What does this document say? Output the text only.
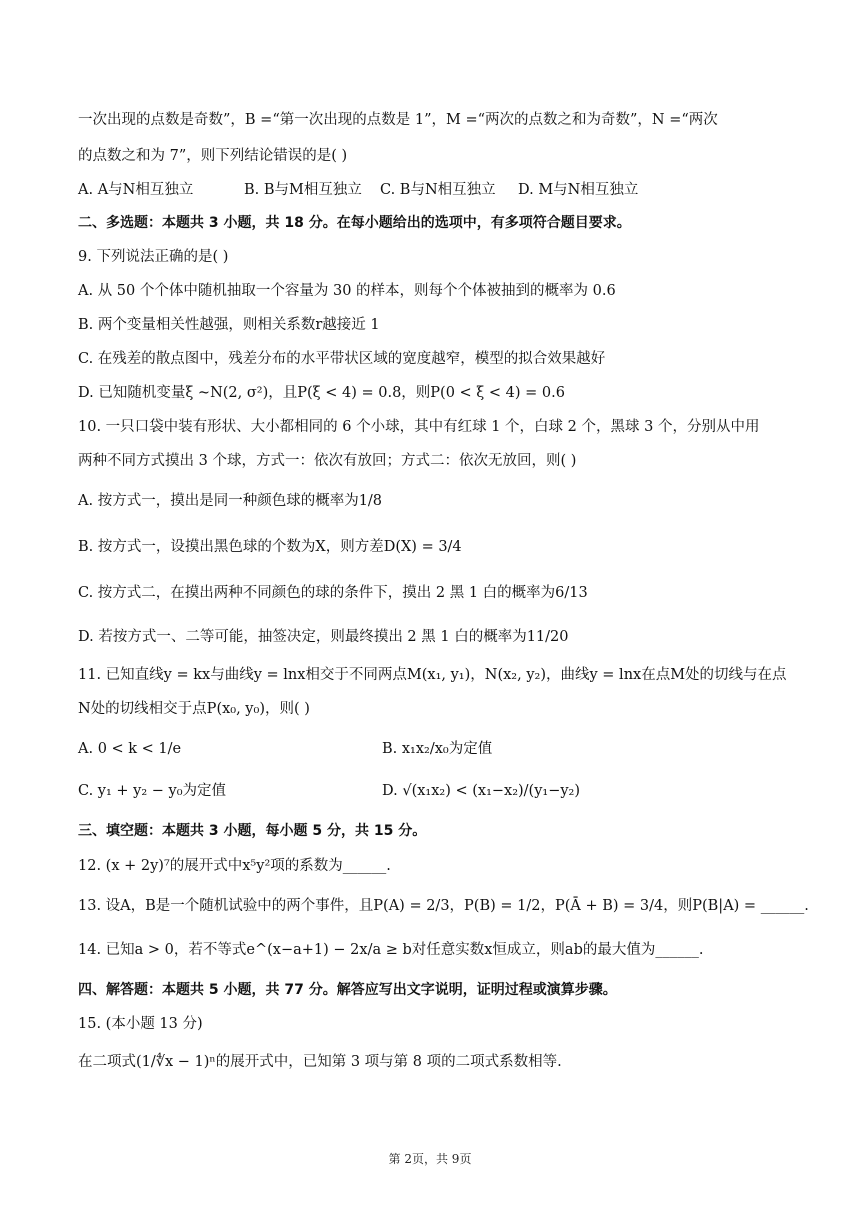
一次出现的点数是奇数”，B =“第一次出现的点数是 1”，M =“两次的点数之和为奇数”，N =“两次
的点数之和为 7”，则下列结论错误的是( )
A. A与N相互独立	B. B与M相互独立 C. B与N相互独立 D. M与N相互独立
二、多选题：本题共 3 小题，共 18 分。在每小题给出的选项中，有多项符合题目要求。
9. 下列说法正确的是( )
A. 从 50 个个体中随机抽取一个容量为 30 的样本，则每个个体被抽到的概率为 0.6
B. 两个变量相关性越强，则相关系数r越接近 1
C. 在残差的散点图中，残差分布的水平带状区域的宽度越窄，模型的拟合效果越好
D. 已知随机变量ξ ~N(2, σ²)，且P(ξ < 4) = 0.8，则P(0 < ξ < 4) = 0.6
10. 一只口袋中装有形状、大小都相同的 6 个小球，其中有红球 1 个，白球 2 个，黑球 3 个，分别从中用
两种不同方式摸出 3 个球，方式一：依次有放回；方式二：依次无放回，则( )
A. 按方式一，摸出是同一种颜色球的概率为1/8
B. 按方式一，设摸出黑色球的个数为X，则方差D(X) = 3/4
C. 按方式二，在摸出两种不同颜色的球的条件下，摸出 2 黑 1 白的概率为6/13
D. 若按方式一、二等可能，抽签决定，则最终摸出 2 黑 1 白的概率为11/20
11. 已知直线y = kx与曲线y = lnx相交于不同两点M(x₁, y₁)，N(x₂, y₂)，曲线y = lnx在点M处的切线与在点
N处的切线相交于点P(x₀, y₀)，则( )
A. 0 < k < 1/e	B. x₁x₂/x₀为定值
C. y₁ + y₂ − y₀为定值	D. √(x₁x₂) < (x₁−x₂)/(y₁−y₂)
三、填空题：本题共 3 小题，每小题 5 分，共 15 分。
12. (x + 2y)⁷的展开式中x⁵y²项的系数为______.
13. 设A，B是一个随机试验中的两个事件，且P(A) = 2/3，P(B) = 1/2，P(Ā + B) = 3/4，则P(B|A) = ______.
14. 已知a > 0，若不等式e^(x−a+1) − 2x/a ≥ b对任意实数x恒成立，则ab的最大值为______.
四、解答题：本题共 5 小题，共 77 分。解答应写出文字说明，证明过程或演算步骤。
15. (本小题 13 分)
在二项式(1/∜x − 1)ⁿ的展开式中，已知第 3 项与第 8 项的二项式系数相等.
第 2页，共 9页
